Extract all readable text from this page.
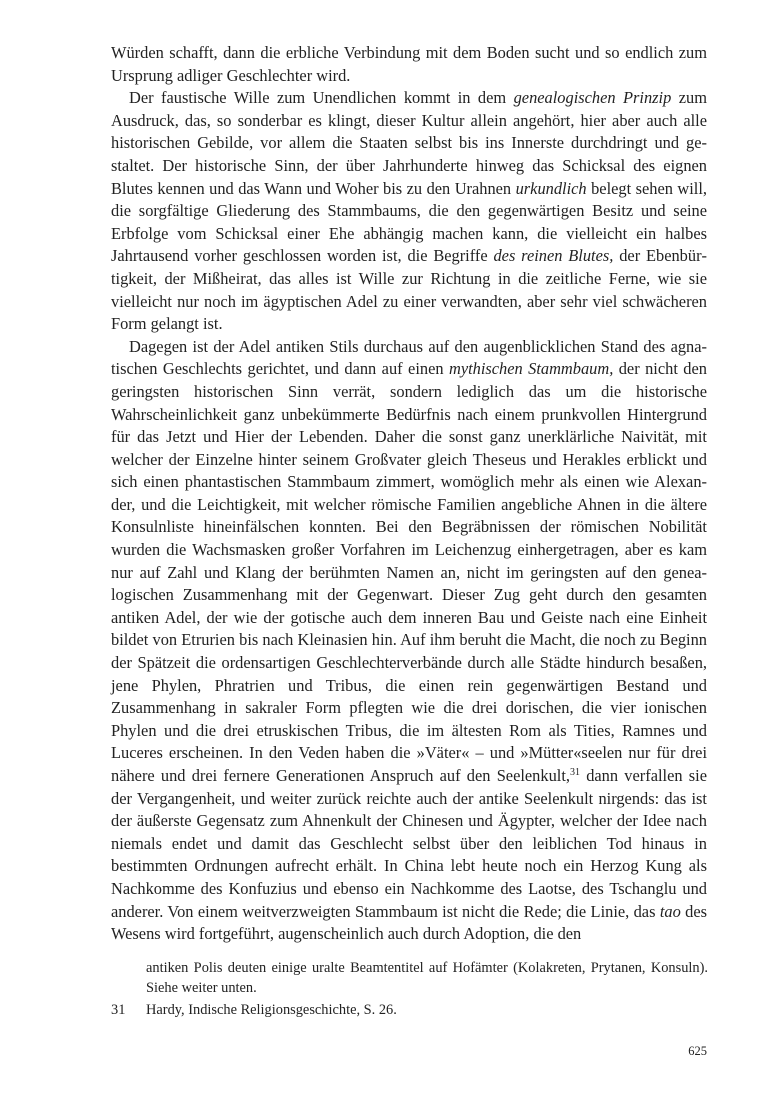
Würden schafft, dann die erbliche Verbindung mit dem Boden sucht und so endlich zum Ursprung adliger Geschlechter wird.

Der faustische Wille zum Unendlichen kommt in dem genealogischen Prinzip zum Ausdruck, das, so sonderbar es klingt, dieser Kultur allein angehört, hier aber auch alle historischen Gebilde, vor allem die Staaten selbst bis ins Innerste durchdringt und gestaltet. Der historische Sinn, der über Jahrhunderte hinweg das Schicksal des eignen Blutes kennen und das Wann und Woher bis zu den Urahnen urkundlich belegt sehen will, die sorgfältige Gliederung des Stammbaums, die den gegenwärtigen Besitz und seine Erbfolge vom Schicksal einer Ehe abhängig machen kann, die vielleicht ein halbes Jahrtausend vorher geschlossen worden ist, die Begriffe des reinen Blutes, der Ebenbürtigkeit, der Mißheirat, das alles ist Wille zur Richtung in die zeitliche Ferne, wie sie vielleicht nur noch im ägyptischen Adel zu einer verwandten, aber sehr viel schwächeren Form gelangt ist.

Dagegen ist der Adel antiken Stils durchaus auf den augenblicklichen Stand des agnatischen Geschlechts gerichtet, und dann auf einen mythischen Stammbaum, der nicht den geringsten historischen Sinn verrät, sondern lediglich das um die historische Wahrscheinlichkeit ganz unbekümmerte Bedürfnis nach einem prunkvollen Hintergrund für das Jetzt und Hier der Lebenden. Daher die sonst ganz unerklärliche Naivität, mit welcher der Einzelne hinter seinem Großvater gleich Theseus und Herakles erblickt und sich einen phantastischen Stammbaum zimmert, womöglich mehr als einen wie Alexander, und die Leichtigkeit, mit welcher römische Familien angebliche Ahnen in die ältere Konsulnliste hineinfälschen konnten. Bei den Begräbnissen der römischen Nobilität wurden die Wachsmasken großer Vorfahren im Leichenzug einhergetragen, aber es kam nur auf Zahl und Klang der berühmten Namen an, nicht im geringsten auf den genealogischen Zusammenhang mit der Gegenwart. Dieser Zug geht durch den gesamten antiken Adel, der wie der gotische auch dem inneren Bau und Geiste nach eine Einheit bildet von Etrurien bis nach Kleinasien hin. Auf ihm beruht die Macht, die noch zu Beginn der Spätzeit die ordensartigen Geschlechterverbände durch alle Städte hindurch besaßen, jene Phylen, Phratrien und Tribus, die einen rein gegenwärtigen Bestand und Zusammenhang in sakraler Form pflegten wie die drei dorischen, die vier ionischen Phylen und die drei etruskischen Tribus, die im ältesten Rom als Tities, Ramnes und Luceres erscheinen. In den Veden haben die »Väter« – und »Mütter«seelen nur für drei nähere und drei fernere Generationen Anspruch auf den Seelenkult,$^{31}$ dann verfallen sie der Vergangenheit, und weiter zurück reichte auch der antike Seelenkult nirgends: das ist der äußerste Gegensatz zum Ahnenkult der Chinesen und Ägypter, welcher der Idee nach niemals endet und damit das Geschlecht selbst über den leiblichen Tod hinaus in bestimmten Ordnungen aufrecht erhält. In China lebt heute noch ein Herzog Kung als Nachkomme des Konfuzius und ebenso ein Nachkomme des Laotse, des Tschanglu und anderer. Von einem weitverzweigten Stammbaum ist nicht die Rede; die Linie, das tao des Wesens wird fortgeführt, augenscheinlich auch durch Adoption, die den

antiken Polis deuten einige uralte Beamtentitel auf Hofämter (Kolakreten, Prytanen, Konsuln). Siehe weiter unten.

31 Hardy, Indische Religionsgeschichte, S. 26.
625
